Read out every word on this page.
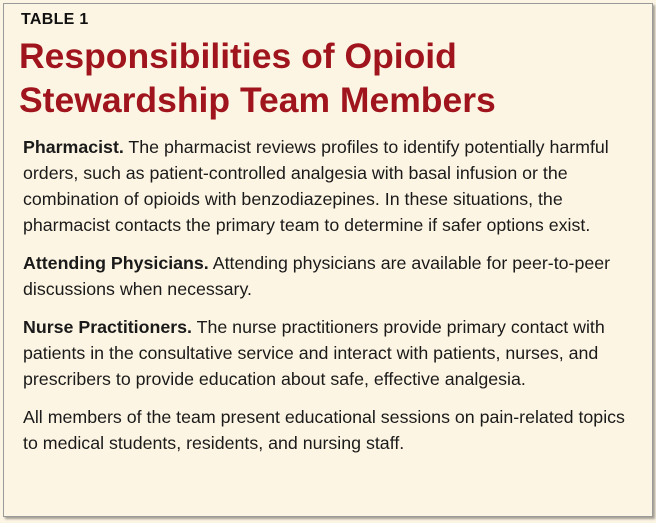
TABLE 1
Responsibilities of Opioid
Stewardship Team Members

Pharmacist. The pharmacist reviews profiles to identify potentially harmful orders, such as patient-controlled analgesia with basal infusion or the combination of opioids with benzodiazepines. In these situations, the pharmacist contacts the primary team to determine if safer options exist.

Attending Physicians. Attending physicians are available for peer-to-peer discussions when necessary.

Nurse Practitioners. The nurse practitioners provide primary contact with patients in the consultative service and interact with patients, nurses, and prescribers to provide education about safe, effective analgesia.

All members of the team present educational sessions on pain-related topics to medical students, residents, and nursing staff.
